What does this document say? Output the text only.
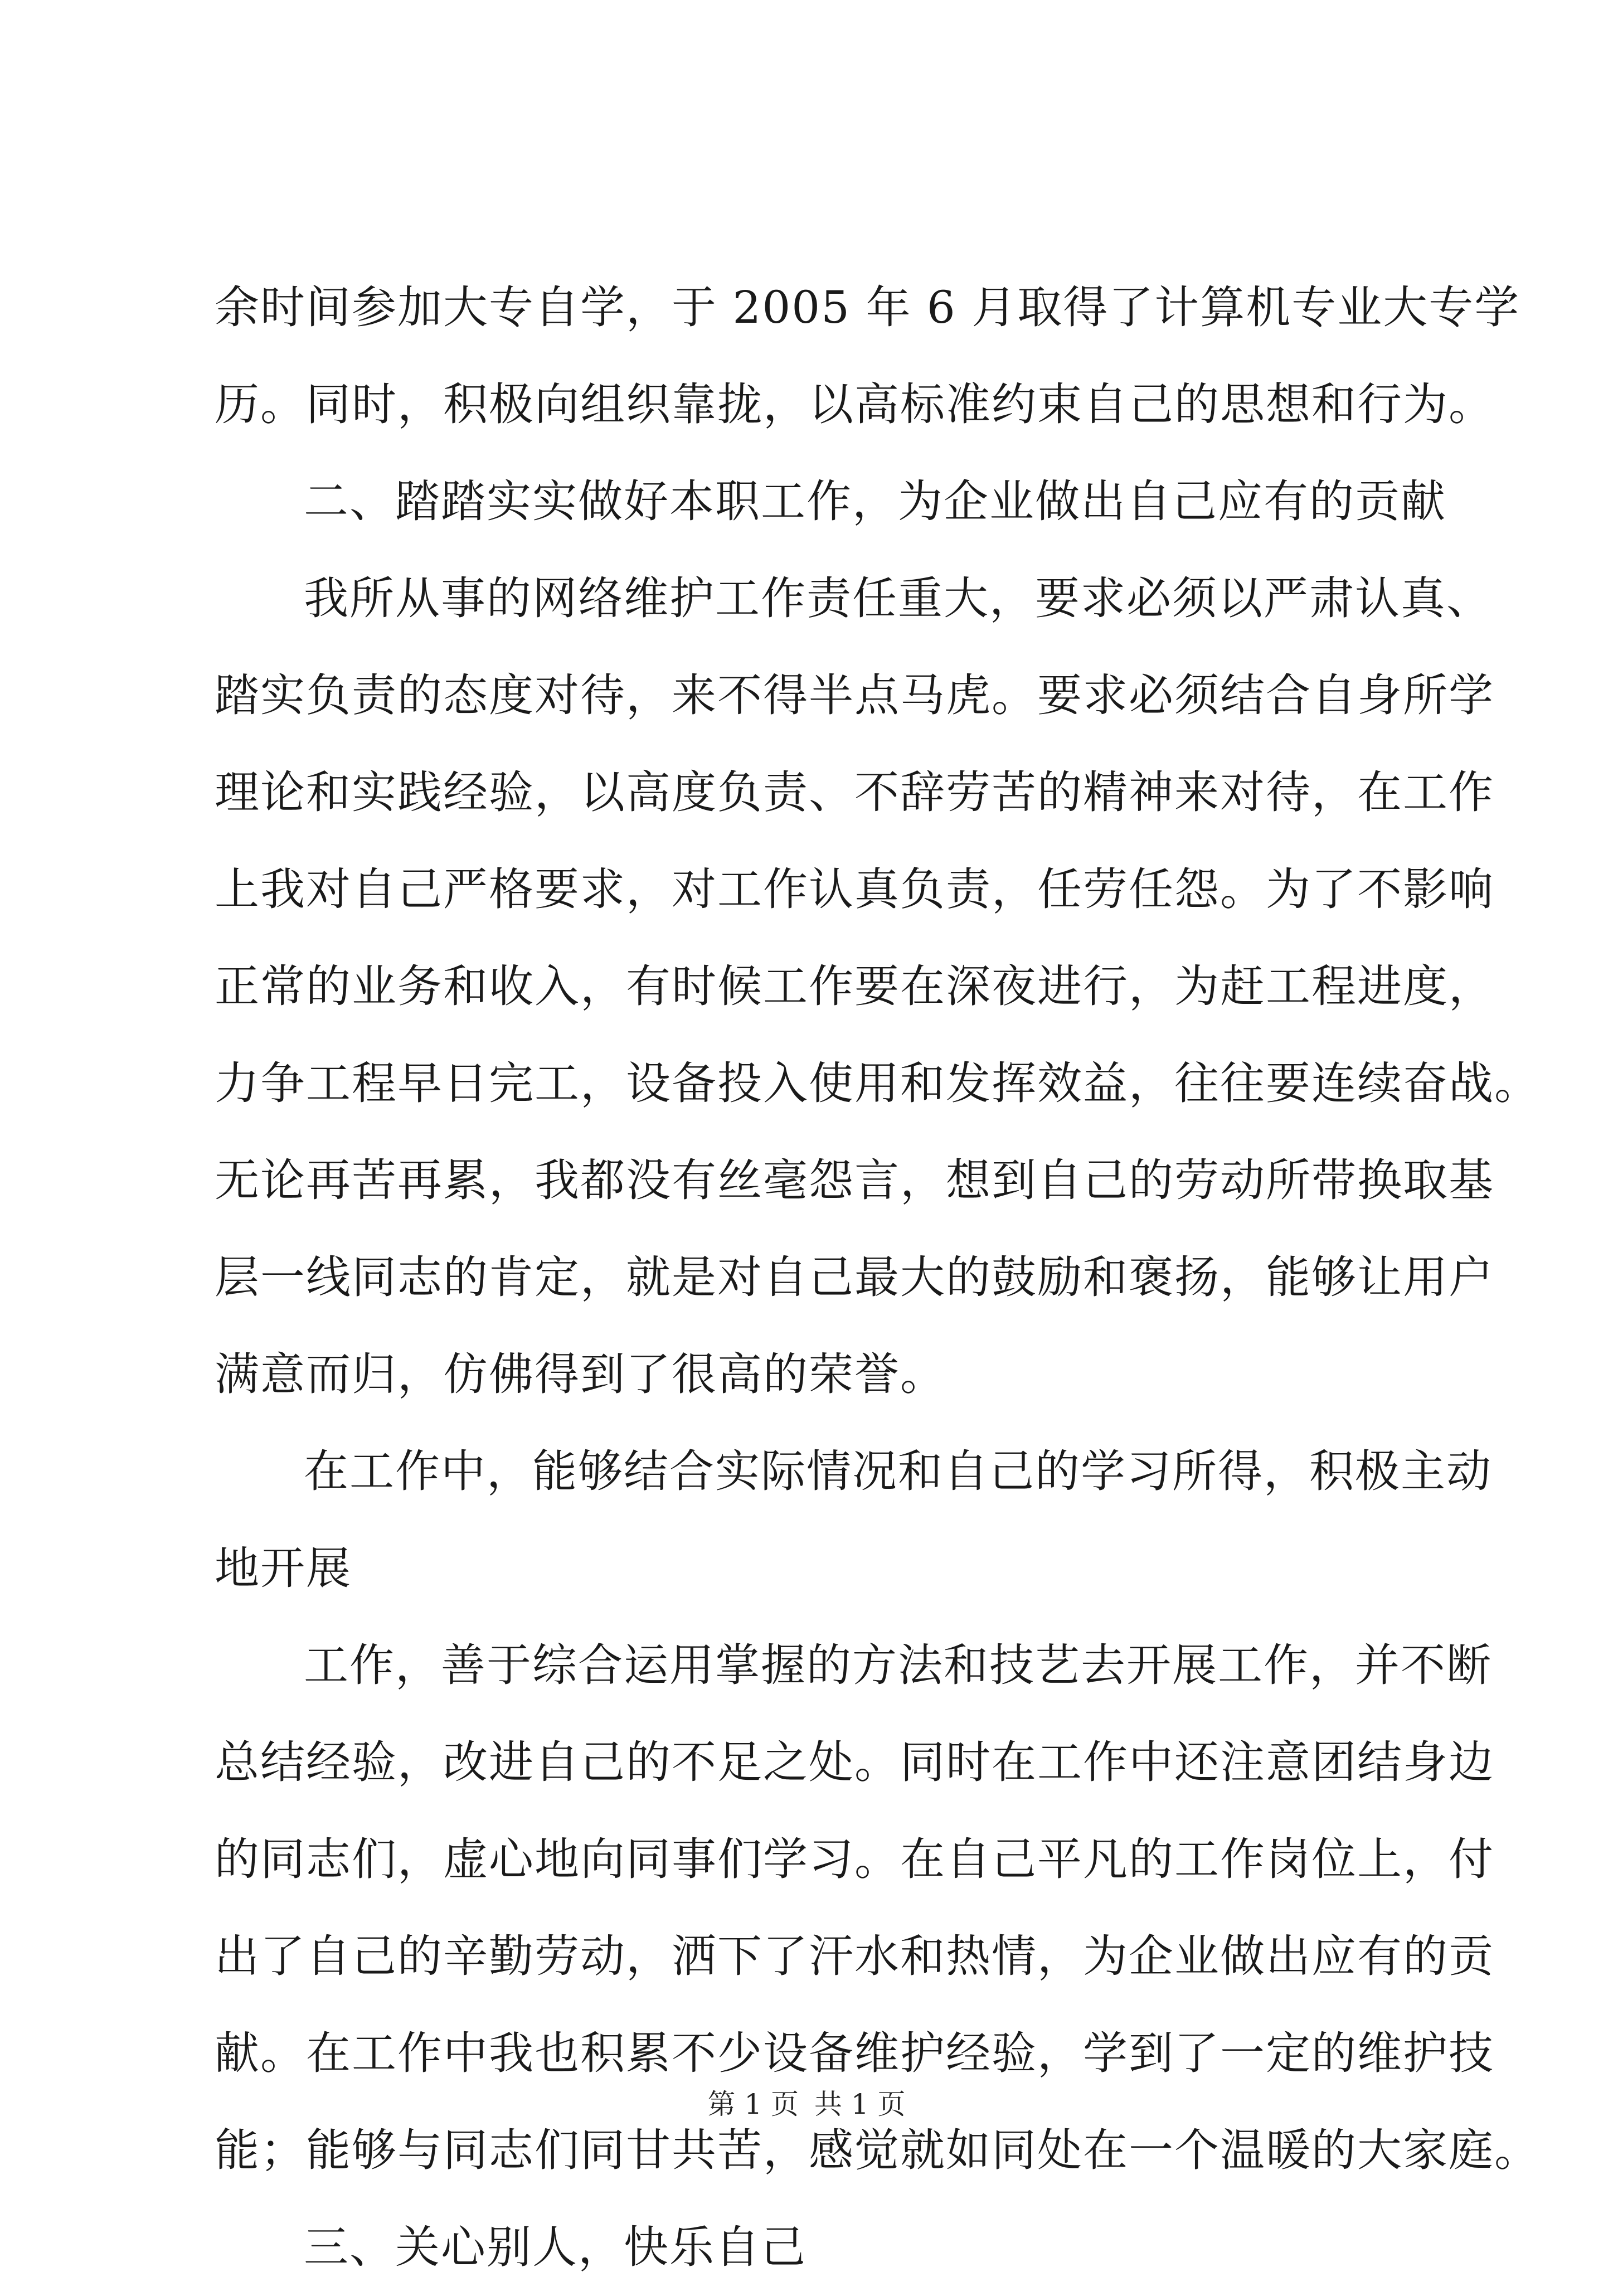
余时间参加大专自学，于 2005 年 6 月取得了计算机专业大专学
历。同时，积极向组织靠拢，以高标准约束自己的思想和行为。
二、踏踏实实做好本职工作，为企业做出自己应有的贡献
我所从事的网络维护工作责任重大，要求必须以严肃认真、
踏实负责的态度对待，来不得半点马虎。要求必须结合自身所学
理论和实践经验，以高度负责、不辞劳苦的精神来对待，在工作
上我对自己严格要求，对工作认真负责，任劳任怨。为了不影响
正常的业务和收入，有时候工作要在深夜进行，为赶工程进度，
力争工程早日完工，设备投入使用和发挥效益，往往要连续奋战。
无论再苦再累，我都没有丝毫怨言，想到自己的劳动所带换取基
层一线同志的肯定，就是对自己最大的鼓励和褒扬，能够让用户
满意而归，仿佛得到了很高的荣誉。
在工作中，能够结合实际情况和自己的学习所得，积极主动
地开展
工作，善于综合运用掌握的方法和技艺去开展工作，并不断
总结经验，改进自己的不足之处。同时在工作中还注意团结身边
的同志们，虚心地向同事们学习。在自己平凡的工作岗位上，付
出了自己的辛勤劳动，洒下了汗水和热情，为企业做出应有的贡
献。在工作中我也积累不少设备维护经验，学到了一定的维护技
能；能够与同志们同甘共苦，感觉就如同处在一个温暖的大家庭。
三、关心别人，快乐自己
第 1 页 共 1 页
